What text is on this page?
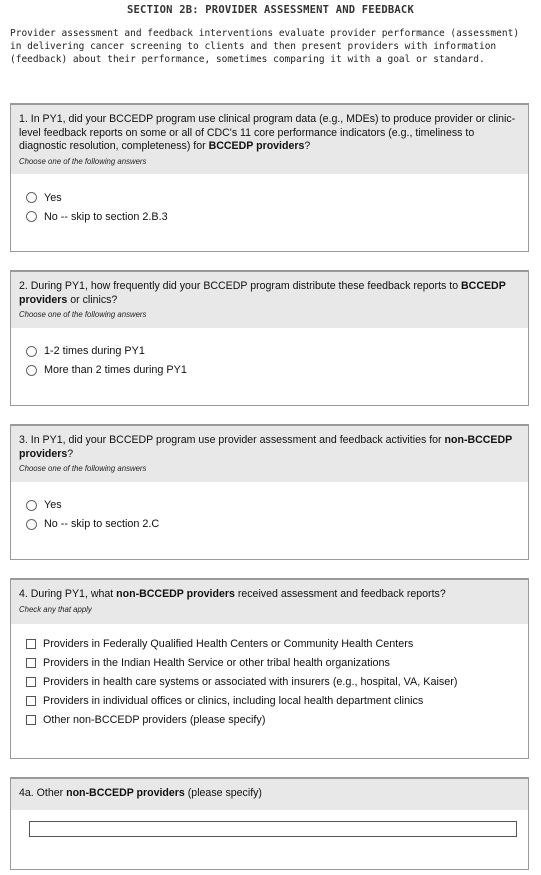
SECTION 2B: PROVIDER ASSESSMENT AND FEEDBACK
Provider assessment and feedback interventions evaluate provider performance (assessment) in delivering cancer screening to clients and then present providers with information (feedback) about their performance, sometimes comparing it with a goal or standard.
1. In PY1, did your BCCEDP program use clinical program data (e.g., MDEs) to produce provider or clinic-level feedback reports on some or all of CDC's 11 core performance indicators (e.g., timeliness to diagnostic resolution, completeness) for BCCEDP providers?
Choose one of the following answers
Yes
No -- skip to section 2.B.3
2. During PY1, how frequently did your BCCEDP program distribute these feedback reports to BCCEDP providers or clinics?
Choose one of the following answers
1-2 times during PY1
More than 2 times during PY1
3. In PY1, did your BCCEDP program use provider assessment and feedback activities for non-BCCEDP providers?
Choose one of the following answers
Yes
No -- skip to section 2.C
4. During PY1, what non-BCCEDP providers received assessment and feedback reports?
Check any that apply
Providers in Federally Qualified Health Centers or Community Health Centers
Providers in the Indian Health Service or other tribal health organizations
Providers in health care systems or associated with insurers (e.g., hospital, VA, Kaiser)
Providers in individual offices or clinics, including local health department clinics
Other non-BCCEDP providers (please specify)
4a. Other non-BCCEDP providers (please specify)
